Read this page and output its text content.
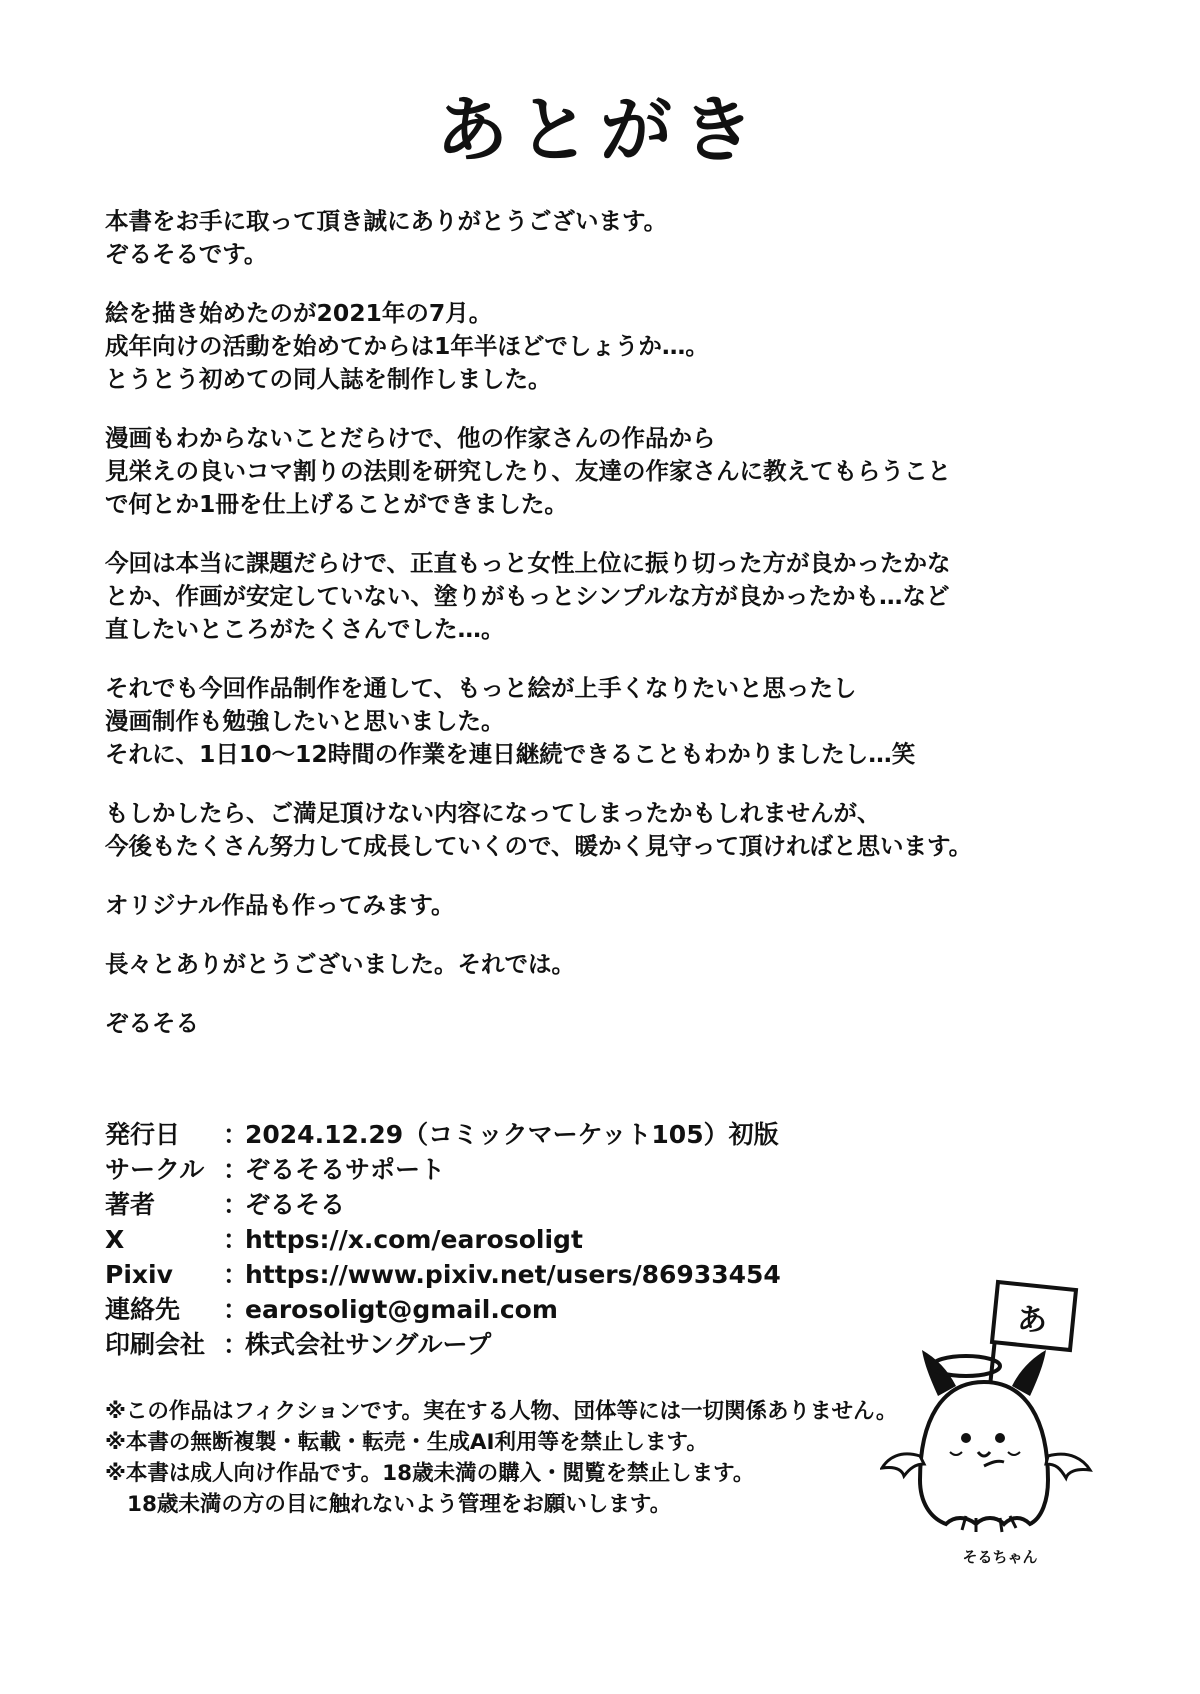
あとがき
本書をお手に取って頂き誠にありがとうございます。
ぞるそるです。
絵を描き始めたのが2021年の7月。
成年向けの活動を始めてからは1年半ほどでしょうか…。
とうとう初めての同人誌を制作しました。
漫画もわからないことだらけで、他の作家さんの作品から
見栄えの良いコマ割りの法則を研究したり、友達の作家さんに教えてもらうこと
で何とか1冊を仕上げることができました。
今回は本当に課題だらけで、正直もっと女性上位に振り切った方が良かったかな
とか、作画が安定していない、塗りがもっとシンプルな方が良かったかも…など
直したいところがたくさんでした…。
それでも今回作品制作を通して、もっと絵が上手くなりたいと思ったし
漫画制作も勉強したいと思いました。
それに、1日10〜12時間の作業を連日継続できることもわかりましたし…笑
もしかしたら、ご満足頂けない内容になってしまったかもしれませんが、
今後もたくさん努力して成長していくので、暖かく見守って頂ければと思います。
オリジナル作品も作ってみます。
長々とありがとうございました。それでは。
ぞるそる
発行日	：
2024.12.29（コミックマーケット105）初版
サークル ：
ぞるそるサポート
著者	：
ぞるそる
X	：
https://x.com/earosoligt
Pixiv	：
https://www.pixiv.net/users/86933454
連絡先	：
earosoligt@gmail.com
印刷会社 ：
株式会社サングループ
※この作品はフィクションです。実在する人物、団体等には一切関係ありません。
※本書の無断複製・転載・転売・生成AI利用等を禁止します。
※本書は成人向け作品です。18歳未満の購入・閲覧を禁止します。
18歳未満の方の目に触れないよう管理をお願いします。
あ
そるちゃん
